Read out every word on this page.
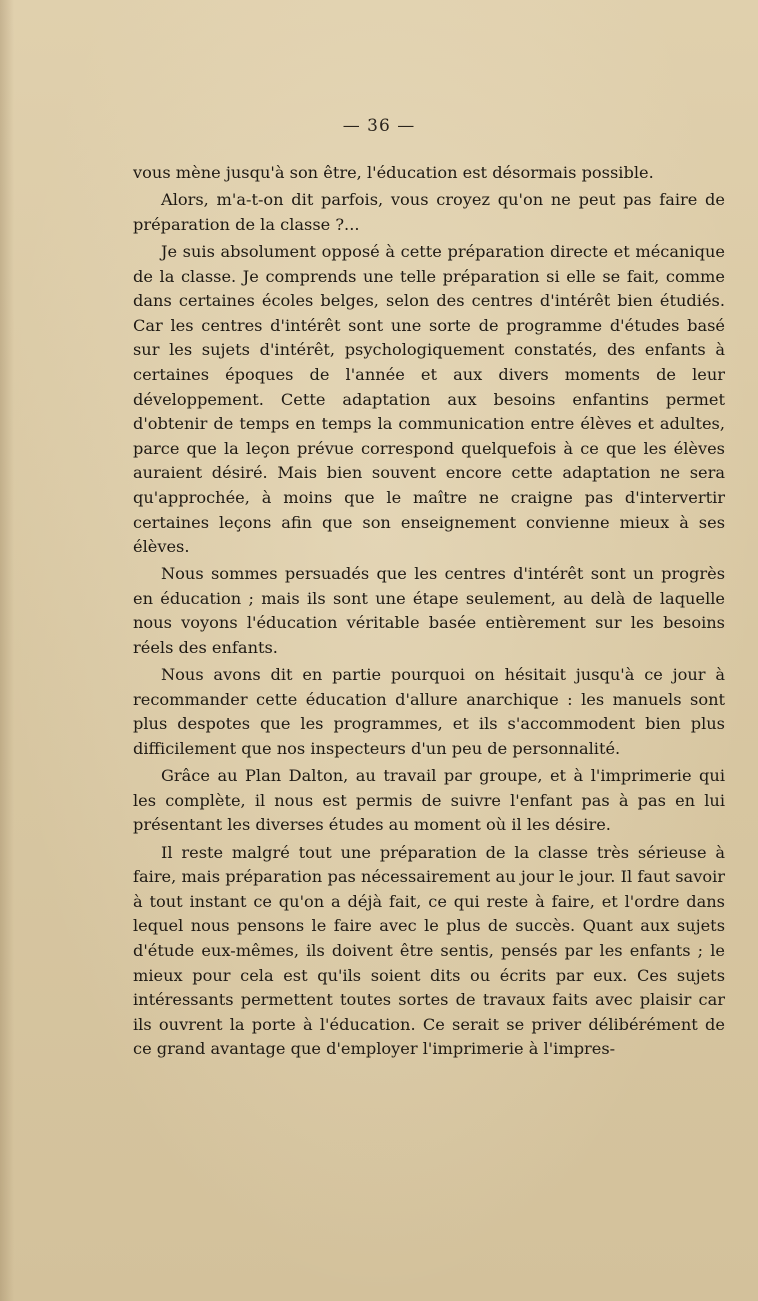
— 36 —

vous mène jusqu'à son être, l'éducation est désormais possible.

Alors, m'a-t-on dit parfois, vous croyez qu'on ne peut pas faire de préparation de la classe ?...

Je suis absolument opposé à cette préparation directe et mécanique de la classe. Je comprends une telle préparation si elle se fait, comme dans certaines écoles belges, selon des centres d'intérêt bien étudiés. Car les centres d'intérêt sont une sorte de programme d'études basé sur les sujets d'intérêt, psychologiquement constatés, des enfants à certaines époques de l'année et aux divers moments de leur développement. Cette adaptation aux besoins enfantins permet d'obtenir de temps en temps la communication entre élèves et adultes, parce que la leçon prévue correspond quelquefois à ce que les élèves auraient désiré. Mais bien souvent encore cette adaptation ne sera qu'approchée, à moins que le maître ne craigne pas d'intervertir certaines leçons afin que son enseignement convienne mieux à ses élèves.

Nous sommes persuadés que les centres d'intérêt sont un progrès en éducation ; mais ils sont une étape seulement, au delà de laquelle nous voyons l'éducation véritable basée entièrement sur les besoins réels des enfants.

Nous avons dit en partie pourquoi on hésitait jusqu'à ce jour à recommander cette éducation d'allure anarchique : les manuels sont plus despotes que les programmes, et ils s'accommodent bien plus difficilement que nos inspecteurs d'un peu de personnalité.

Grâce au Plan Dalton, au travail par groupe, et à l'imprimerie qui les complète, il nous est permis de suivre l'enfant pas à pas en lui présentant les diverses études au moment où il les désire.

Il reste malgré tout une préparation de la classe très sérieuse à faire, mais préparation pas nécessairement au jour le jour. Il faut savoir à tout instant ce qu'on a déjà fait, ce qui reste à faire, et l'ordre dans lequel nous pensons le faire avec le plus de succès. Quant aux sujets d'étude eux-mêmes, ils doivent être sentis, pensés par les enfants ; le mieux pour cela est qu'ils soient dits ou écrits par eux. Ces sujets intéressants permettent toutes sortes de travaux faits avec plaisir car ils ouvrent la porte à l'éducation. Ce serait se priver délibérément de ce grand avantage que d'employer l'imprimerie à l'impres-
